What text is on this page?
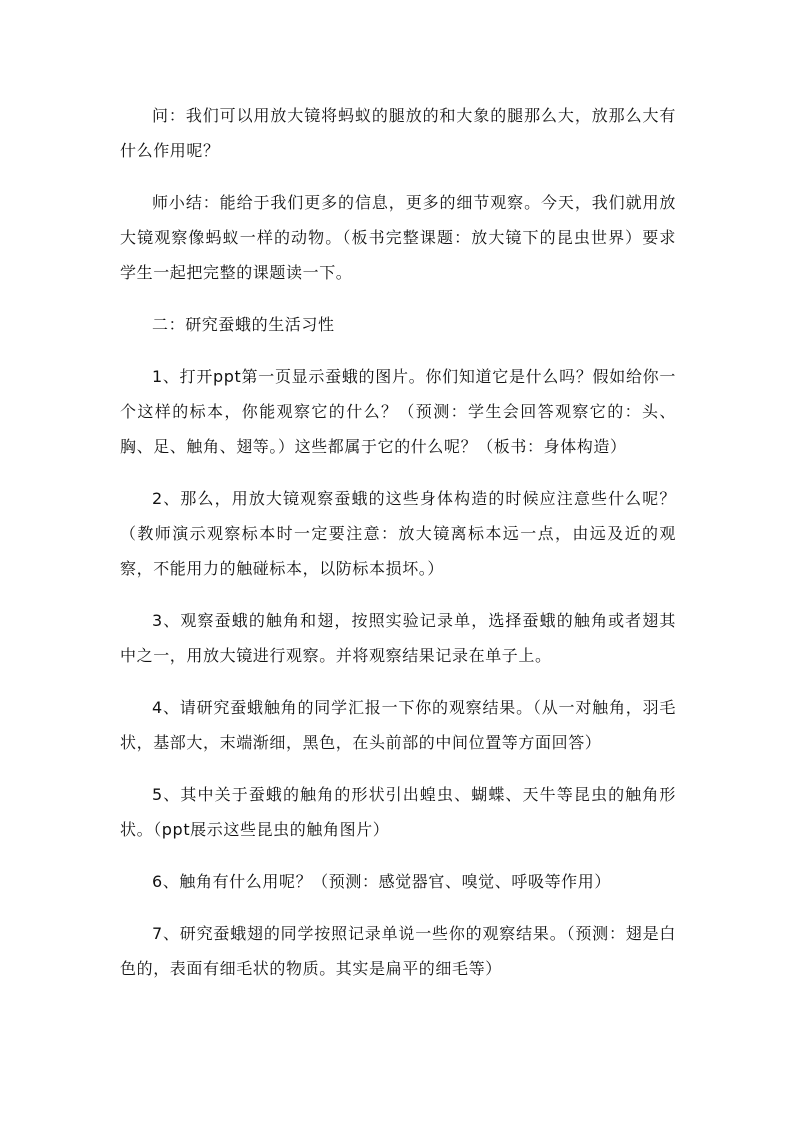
问：我们可以用放大镜将蚂蚁的腿放的和大象的腿那么大，放那么大有什么作用呢？

师小结：能给于我们更多的信息，更多的细节观察。今天，我们就用放大镜观察像蚂蚁一样的动物。（板书完整课题：放大镜下的昆虫世界）要求学生一起把完整的课题读一下。

二：研究蚕蛾的生活习性

1、打开ppt第一页显示蚕蛾的图片。你们知道它是什么吗？假如给你一个这样的标本，你能观察它的什么？（预测：学生会回答观察它的：头、胸、足、触角、翅等。）这些都属于它的什么呢？（板书：身体构造）

2、那么，用放大镜观察蚕蛾的这些身体构造的时候应注意些什么呢？（教师演示观察标本时一定要注意：放大镜离标本远一点，由远及近的观察，不能用力的触碰标本，以防标本损坏。）

3、观察蚕蛾的触角和翅，按照实验记录单，选择蚕蛾的触角或者翅其中之一，用放大镜进行观察。并将观察结果记录在单子上。

4、请研究蚕蛾触角的同学汇报一下你的观察结果。（从一对触角，羽毛状，基部大，末端渐细，黑色，在头前部的中间位置等方面回答）

5、其中关于蚕蛾的触角的形状引出蝗虫、蝴蝶、天牛等昆虫的触角形状。（ppt展示这些昆虫的触角图片）

6、触角有什么用呢？（预测：感觉器官、嗅觉、呼吸等作用）

7、研究蚕蛾翅的同学按照记录单说一些你的观察结果。（预测：翅是白色的，表面有细毛状的物质。其实是扁平的细毛等）
